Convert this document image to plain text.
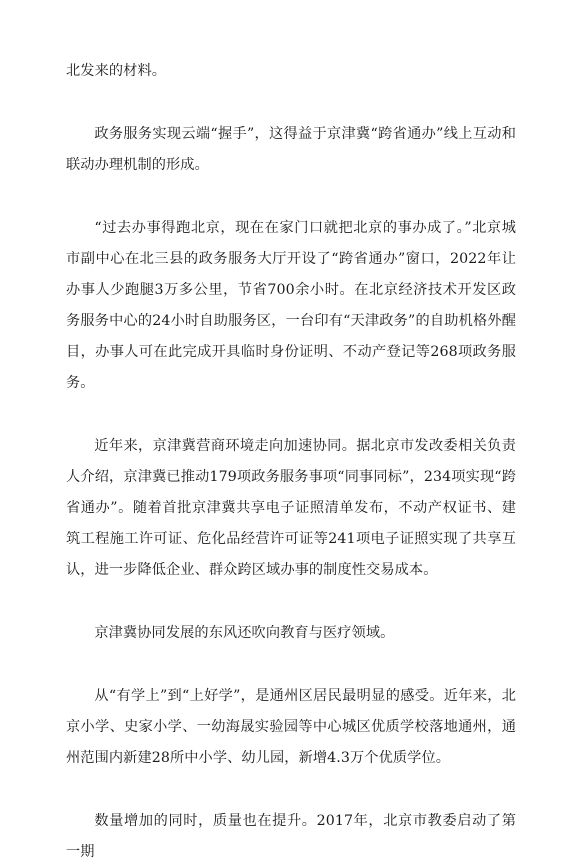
北发来的材料。

政务服务实现云端“握手”，这得益于京津冀“跨省通办”线上互动和联动办理机制的形成。

“过去办事得跑北京，现在在家门口就把北京的事办成了。”北京城市副中心在北三县的政务服务大厅开设了“跨省通办”窗口，2022年让办事人少跑腿3万多公里，节省700余小时。在北京经济技术开发区政务服务中心的24小时自助服务区，一台印有“天津政务”的自助机格外醒目，办事人可在此完成开具临时身份证明、不动产登记等268项政务服务。

近年来，京津冀营商环境走向加速协同。据北京市发改委相关负责人介绍，京津冀已推动179项政务服务事项“同事同标”，234项实现“跨省通办”。随着首批京津冀共享电子证照清单发布，不动产权证书、建筑工程施工许可证、危化品经营许可证等241项电子证照实现了共享互认，进一步降低企业、群众跨区域办事的制度性交易成本。

京津冀协同发展的东风还吹向教育与医疗领域。

从“有学上”到“上好学”，是通州区居民最明显的感受。近年来，北京小学、史家小学、一幼海晟实验园等中心城区优质学校落地通州，通州范围内新建28所中小学、幼儿园，新增4.3万个优质学位。

数量增加的同时，质量也在提升。2017年，北京市教委启动了第一期
